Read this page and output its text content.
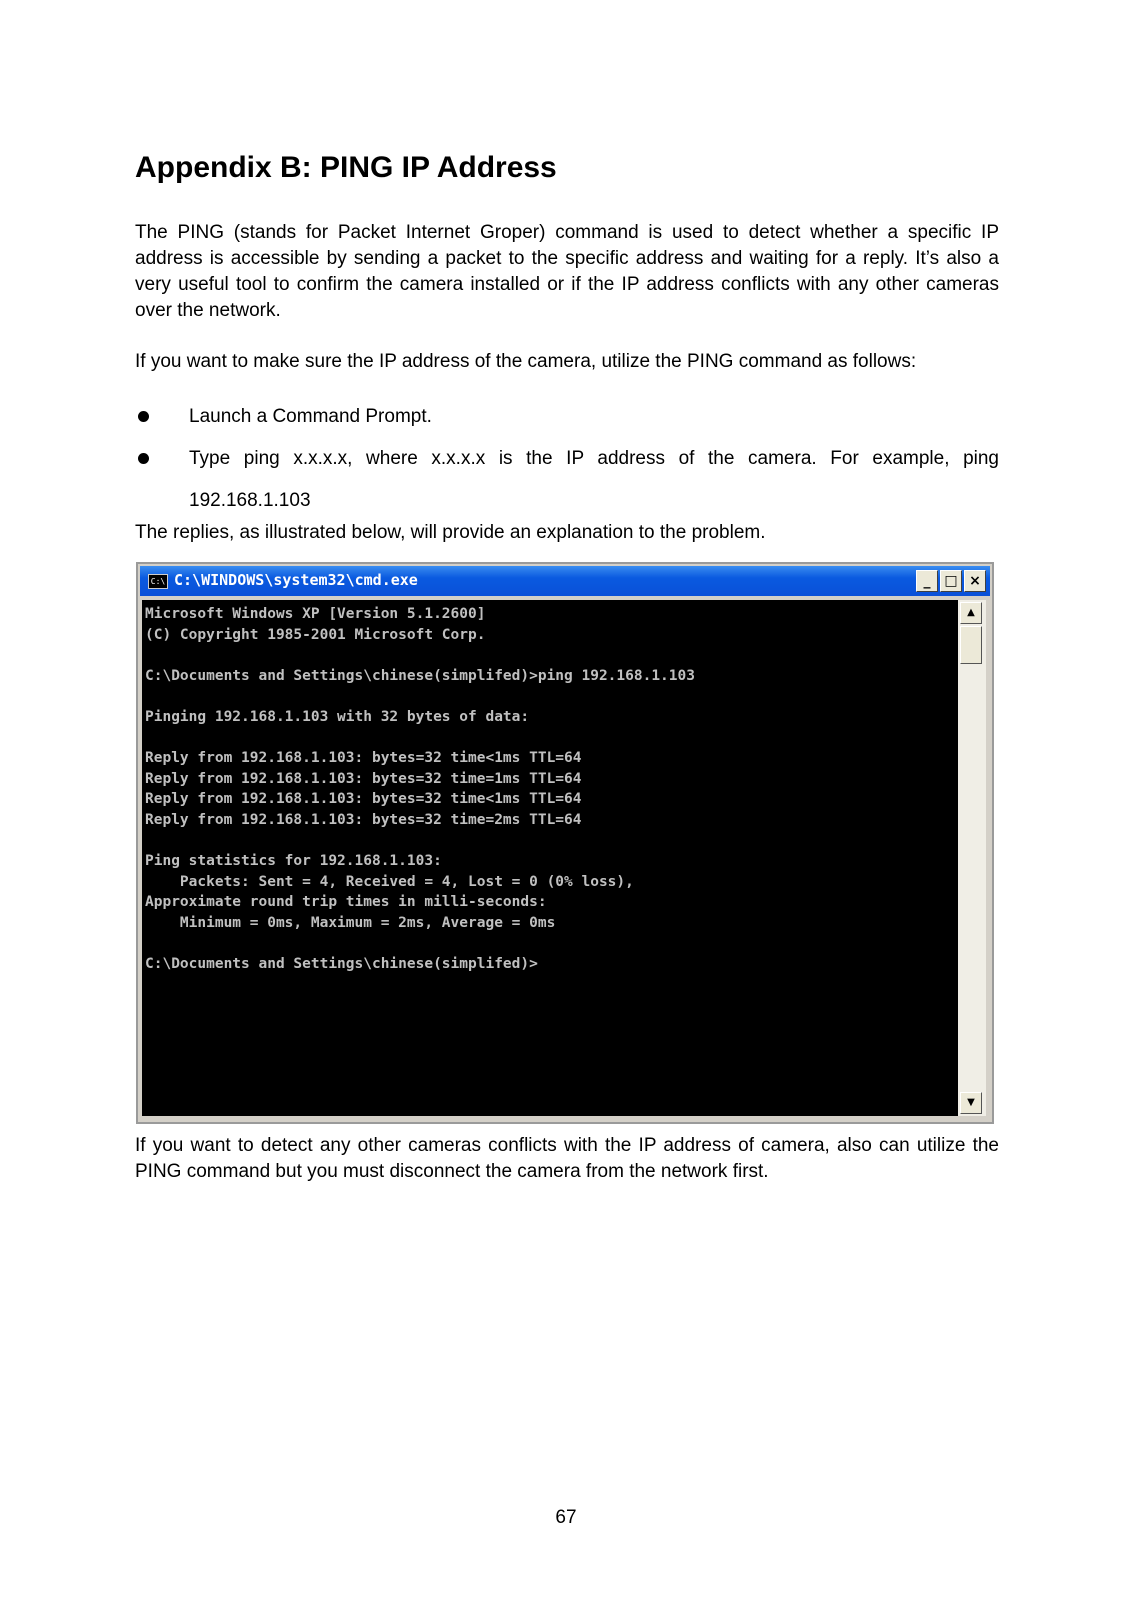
Appendix B: PING IP Address

The PING (stands for Packet Internet Groper) command is used to detect whether a specific IP address is accessible by sending a packet to the specific address and waiting for a reply. It’s also a very useful tool to confirm the camera installed or if the IP address conflicts with any other cameras over the network.

If you want to make sure the IP address of the camera, utilize the PING command as follows:

Launch a Command Prompt.
Type ping x.x.x.x, where x.x.x.x is the IP address of the camera. For example, ping 192.168.1.103

The replies, as illustrated below, will provide an explanation to the problem.

C:\ C:\WINDOWS\system32\cmd.exe	_ □ ×
Microsoft Windows XP [Version 5.1.2600]
(C) Copyright 1985-2001 Microsoft Corp.

C:\Documents and Settings\chinese(simplifed)>ping 192.168.1.103

Pinging 192.168.1.103 with 32 bytes of data:

Reply from 192.168.1.103: bytes=32 time<1ms TTL=64
Reply from 192.168.1.103: bytes=32 time=1ms TTL=64
Reply from 192.168.1.103: bytes=32 time<1ms TTL=64
Reply from 192.168.1.103: bytes=32 time=2ms TTL=64

Ping statistics for 192.168.1.103:
Packets: Sent = 4, Received = 4, Lost = 0 (0% loss),
Approximate round trip times in milli-seconds:
Minimum = 0ms, Maximum = 2ms, Average = 0ms

C:\Documents and Settings\chinese(simplifed)>
▲
▼

If you want to detect any other cameras conflicts with the IP address of camera, also can utilize the PING command but you must disconnect the camera from the network first.

67
